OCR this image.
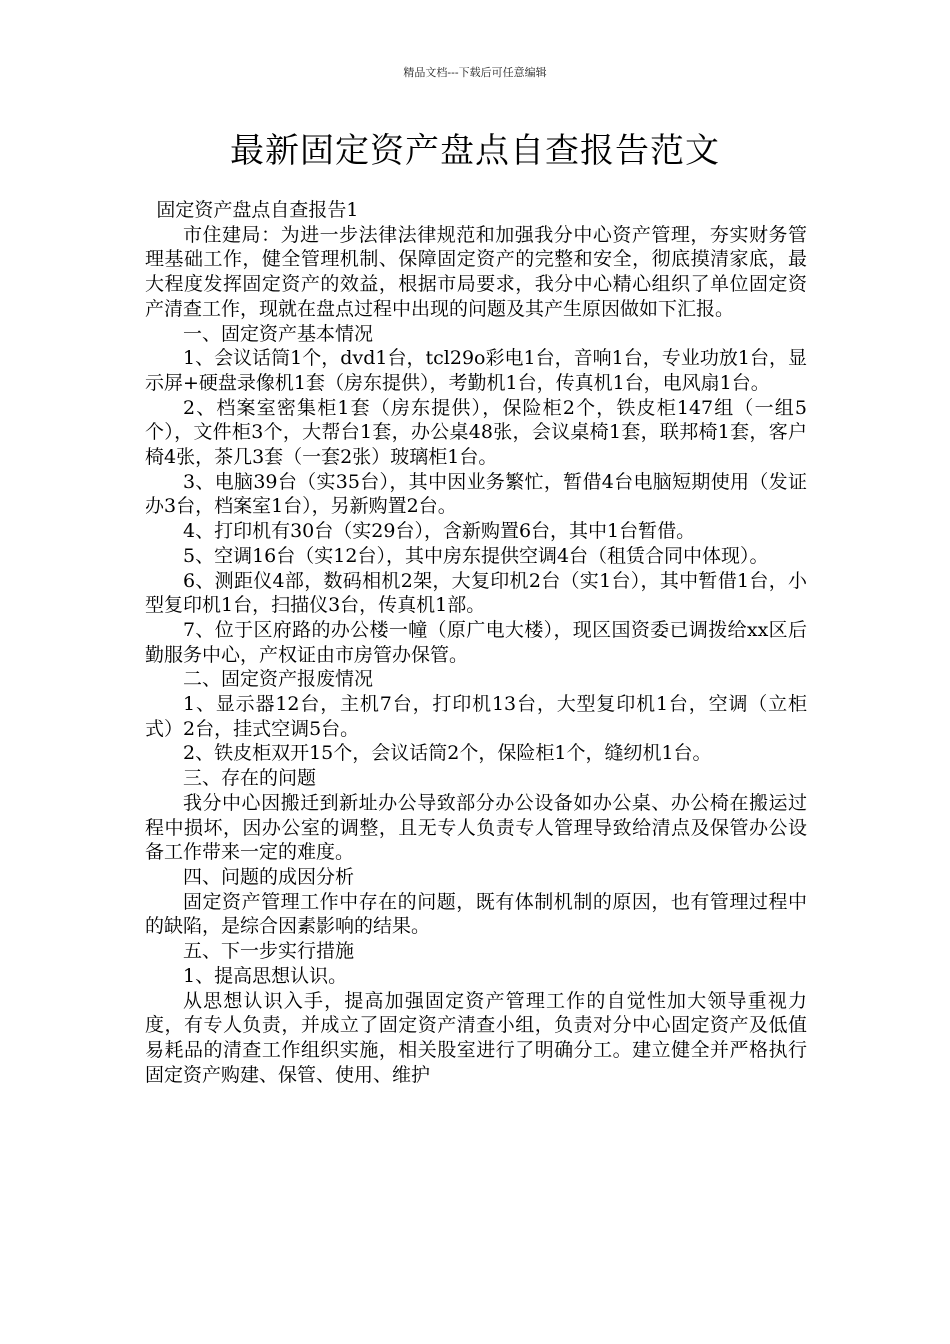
精品文档---下载后可任意编辑
最新固定资产盘点自查报告范文

固定资产盘点自查报告1

市住建局：为进一步法律法律规范和加强我分中心资产管理，夯实财务管理基础工作，健全管理机制、保障固定资产的完整和安全，彻底摸清家底，最大程度发挥固定资产的效益，根据市局要求，我分中心精心组织了单位固定资产清查工作，现就在盘点过程中出现的问题及其产生原因做如下汇报。

一、固定资产基本情况

1、会议话筒1个，dvd1台，tcl29o彩电1台，音响1台，专业功放1台，显示屏+硬盘录像机1套（房东提供），考勤机1台，传真机1台，电风扇1台。

2、档案室密集柜1套（房东提供），保险柜2个，铁皮柜147组（一组5个），文件柜3个，大帮台1套，办公桌48张，会议桌椅1套，联邦椅1套，客户椅4张，茶几3套（一套2张）玻璃柜1台。

3、电脑39台（实35台），其中因业务繁忙，暂借4台电脑短期使用（发证办3台，档案室1台），另新购置2台。

4、打印机有30台（实29台），含新购置6台，其中1台暂借。

5、空调16台（实12台），其中房东提供空调4台（租赁合同中体现）。

6、测距仪4部，数码相机2架，大复印机2台（实1台），其中暂借1台，小型复印机1台，扫描仪3台，传真机1部。

7、位于区府路的办公楼一幢（原广电大楼），现区国资委已调拨给xx区后勤服务中心，产权证由市房管办保管。

二、固定资产报废情况

1、显示器12台，主机7台，打印机13台，大型复印机1台，空调（立柜式）2台，挂式空调5台。

2、铁皮柜双开15个，会议话筒2个，保险柜1个，缝纫机1台。

三、存在的问题

我分中心因搬迁到新址办公导致部分办公设备如办公桌、办公椅在搬运过程中损坏，因办公室的调整，且无专人负责专人管理导致给清点及保管办公设备工作带来一定的难度。

四、问题的成因分析

固定资产管理工作中存在的问题，既有体制机制的原因，也有管理过程中的缺陷，是综合因素影响的结果。

五、下一步实行措施

1、提高思想认识。

从思想认识入手，提高加强固定资产管理工作的自觉性加大领导重视力度，有专人负责，并成立了固定资产清查小组，负责对分中心固定资产及低值易耗品的清查工作组织实施，相关股室进行了明确分工。建立健全并严格执行固定资产购建、保管、使用、维护
